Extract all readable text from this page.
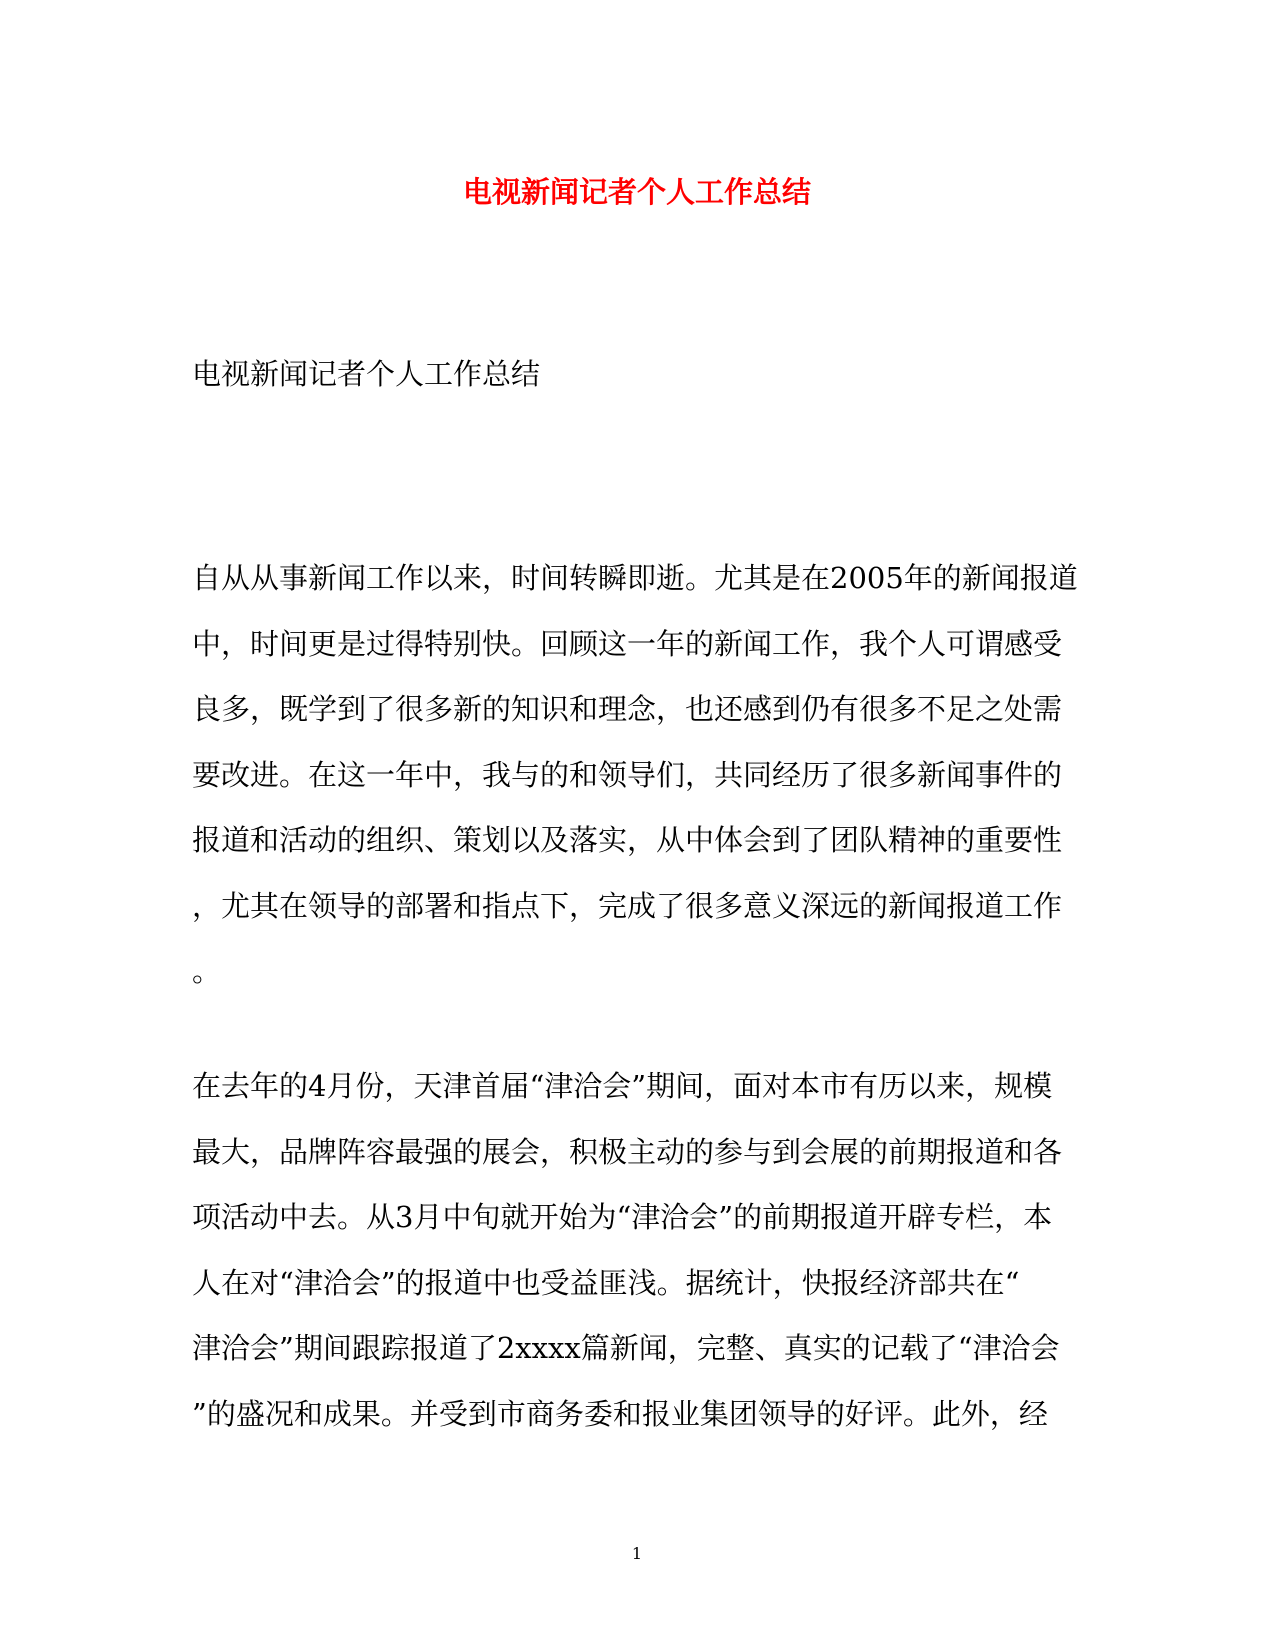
电视新闻记者个人工作总结
电视新闻记者个人工作总结
自从从事新闻工作以来，时间转瞬即逝。尤其是在2005年的新闻报道
中，时间更是过得特别快。回顾这一年的新闻工作，我个人可谓感受
良多，既学到了很多新的知识和理念，也还感到仍有很多不足之处需
要改进。在这一年中，我与的和领导们，共同经历了很多新闻事件的
报道和活动的组织、策划以及落实，从中体会到了团队精神的重要性
，尤其在领导的部署和指点下，完成了很多意义深远的新闻报道工作
。
在去年的4月份，天津首届“津洽会”期间，面对本市有历以来，规模
最大，品牌阵容最强的展会，积极主动的参与到会展的前期报道和各
项活动中去。从3月中旬就开始为“津洽会”的前期报道开辟专栏，本
人在对“津洽会”的报道中也受益匪浅。据统计，快报经济部共在“
津洽会”期间跟踪报道了2xxxx篇新闻，完整、真实的记载了“津洽会
”的盛况和成果。并受到市商务委和报业集团领导的好评。此外，经
1
